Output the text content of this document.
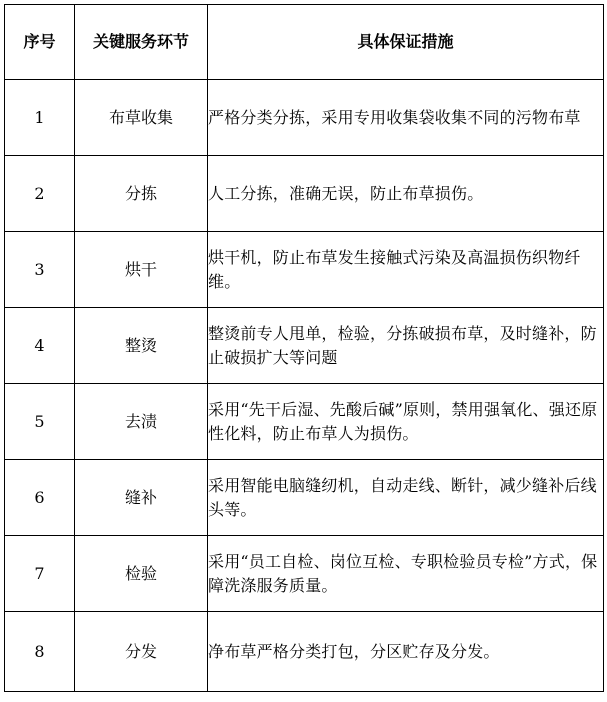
序号	关键服务环节	具体保证措施
1	布草收集	严格分类分拣，采用专用收集袋收集不同的污物布草
2	分拣	人工分拣，准确无误，防止布草损伤。
3	烘干	烘干机，防止布草发生接触式污染及高温损伤织物纤维。
4	整烫	整烫前专人甩单，检验，分拣破损布草，及时缝补，防止破损扩大等问题
5	去渍	采用“先干后湿、先酸后碱”原则，禁用强氧化、强还原性化料，防止布草人为损伤。
6	缝补	采用智能电脑缝纫机，自动走线、断针，减少缝补后线头等。
7	检验	采用“员工自检、岗位互检、专职检验员专检”方式，保障洗涤服务质量。
8	分发	净布草严格分类打包，分区贮存及分发。
